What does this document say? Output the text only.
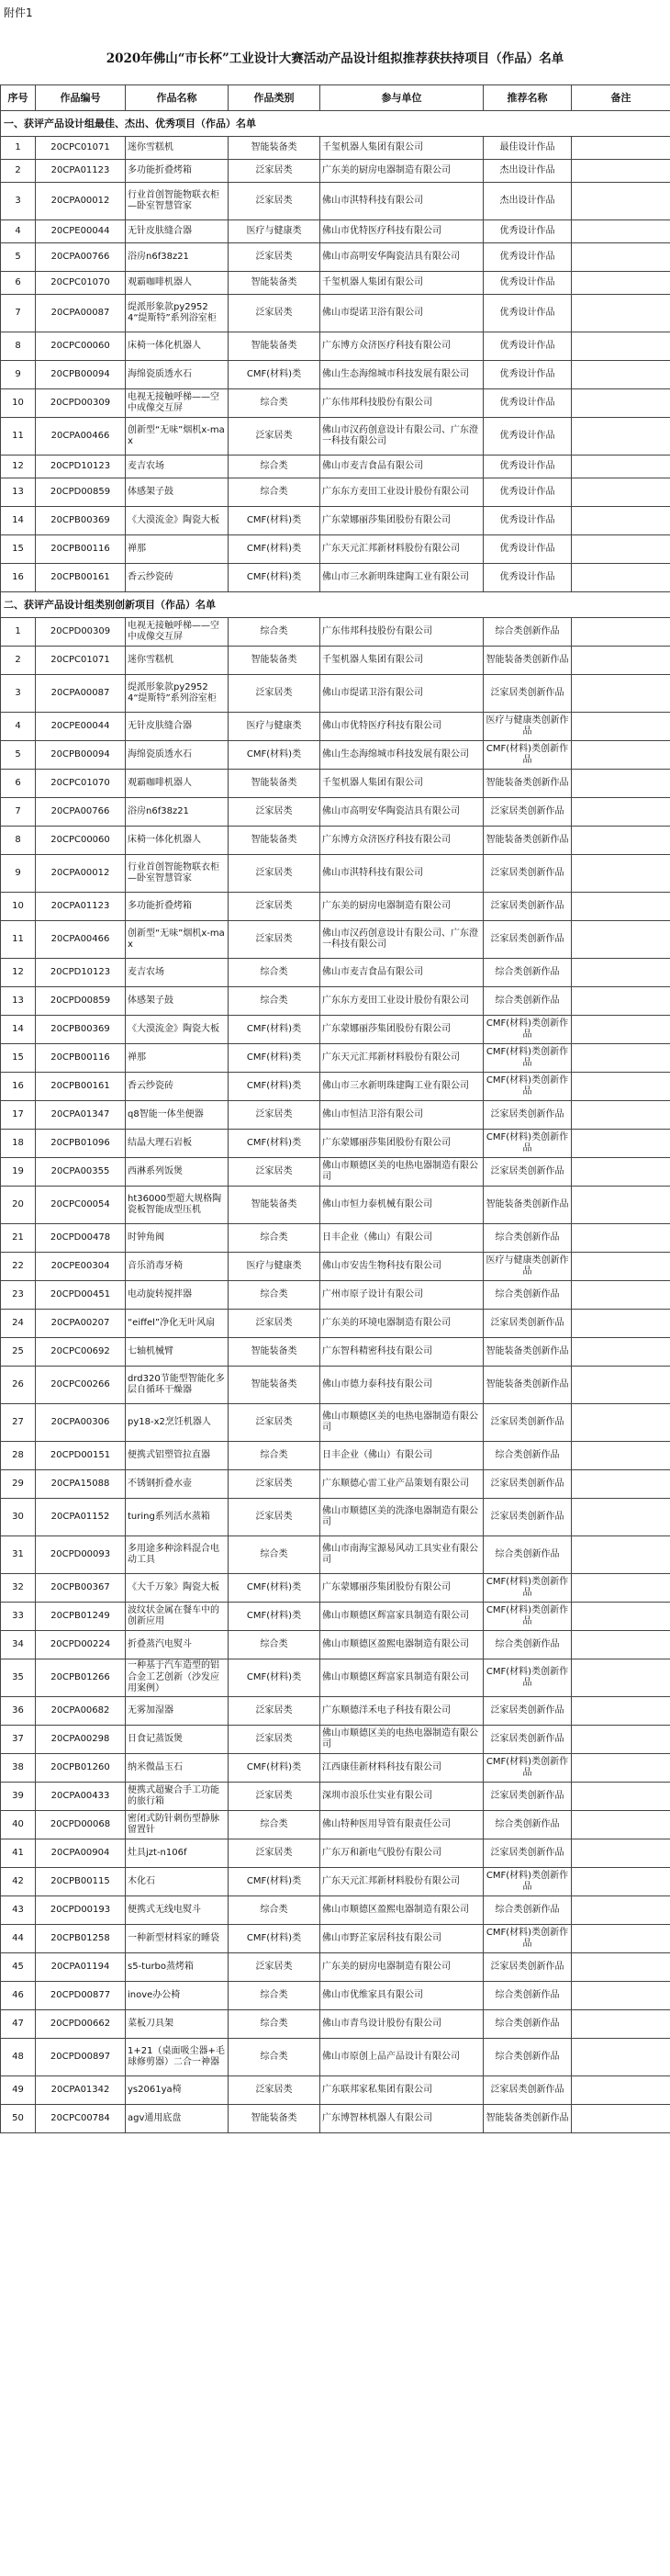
附件1
2020年佛山“市长杯”工业设计大赛活动产品设计组拟推荐获扶持项目（作品）名单
序号	作品编号	作品名称	作品类别	参与单位	推荐名称	备注
一、获评产品设计组最佳、杰出、优秀项目（作品）名单						
1	20CPC01071	迷你雪糕机	智能装备类	千玺机器人集团有限公司	最佳设计作品	
2	20CPA01123	多功能折叠烤箱	泛家居类	广东美的厨房电器制造有限公司	杰出设计作品	
3	20CPA00012	行业首创智能物联衣柜—卧室智慧管家	泛家居类	佛山市淇特科技有限公司	杰出设计作品	
4	20CPE00044	无针皮肤缝合器	医疗与健康类	佛山市优特医疗科技有限公司	优秀设计作品	
5	20CPA00766	浴房n6f38z21	泛家居类	佛山市高明安华陶瓷洁具有限公司	优秀设计作品	
6	20CPC01070	观霸咖啡机器人	智能装备类	千玺机器人集团有限公司	优秀设计作品	
7	20CPA00087	缇派形象款py29524“缇斯特”系列浴室柜	泛家居类	佛山市缇诺卫浴有限公司	优秀设计作品	
8	20CPC00060	床椅一体化机器人	智能装备类	广东博方众济医疗科技有限公司	优秀设计作品	
9	20CPB00094	海绵瓷质透水石	CMF(材料)类	佛山生态海绵城市科技发展有限公司	优秀设计作品	
10	20CPD00309	电视无接触呼梯——空中成像交互屏	综合类	广东伟邦科技股份有限公司	优秀设计作品	
11	20CPA00466	创新型“无味”烟机x-max	泛家居类	佛山市汉药创意设计有限公司、广东澄一科技有限公司	优秀设计作品	
12	20CPD10123	麦吉农场	综合类	佛山市麦吉食品有限公司	优秀设计作品	
13	20CPD00859	体感架子鼓	综合类	广东东方麦田工业设计股份有限公司	优秀设计作品	
14	20CPB00369	《大漠流金》陶瓷大板	CMF(材料)类	广东蒙娜丽莎集团股份有限公司	优秀设计作品	
15	20CPB00116	禅那	CMF(材料)类	广东天元汇邦新材料股份有限公司	优秀设计作品	
16	20CPB00161	香云纱瓷砖	CMF(材料)类	佛山市三水新明珠建陶工业有限公司	优秀设计作品	
二、获评产品设计组类别创新项目（作品）名单						
1	20CPD00309	电视无接触呼梯——空中成像交互屏	综合类	广东伟邦科技股份有限公司	综合类创新作品	
2	20CPC01071	迷你雪糕机	智能装备类	千玺机器人集团有限公司	智能装备类创新作品	
3	20CPA00087	缇派形象款py29524“缇斯特”系列浴室柜	泛家居类	佛山市缇诺卫浴有限公司	泛家居类创新作品	
4	20CPE00044	无针皮肤缝合器	医疗与健康类	佛山市优特医疗科技有限公司	医疗与健康类创新作品	
5	20CPB00094	海绵瓷质透水石	CMF(材料)类	佛山生态海绵城市科技发展有限公司	CMF(材料)类创新作品	
6	20CPC01070	观霸咖啡机器人	智能装备类	千玺机器人集团有限公司	智能装备类创新作品	
7	20CPA00766	浴房n6f38z21	泛家居类	佛山市高明安华陶瓷洁具有限公司	泛家居类创新作品	
8	20CPC00060	床椅一体化机器人	智能装备类	广东博方众济医疗科技有限公司	智能装备类创新作品	
9	20CPA00012	行业首创智能物联衣柜—卧室智慧管家	泛家居类	佛山市淇特科技有限公司	泛家居类创新作品	
10	20CPA01123	多功能折叠烤箱	泛家居类	广东美的厨房电器制造有限公司	泛家居类创新作品	
11	20CPA00466	创新型“无味”烟机x-max	泛家居类	佛山市汉药创意设计有限公司、广东澄一科技有限公司	泛家居类创新作品	
12	20CPD10123	麦吉农场	综合类	佛山市麦吉食品有限公司	综合类创新作品	
13	20CPD00859	体感架子鼓	综合类	广东东方麦田工业设计股份有限公司	综合类创新作品	
14	20CPB00369	《大漠流金》陶瓷大板	CMF(材料)类	广东蒙娜丽莎集团股份有限公司	CMF(材料)类创新作品	
15	20CPB00116	禅那	CMF(材料)类	广东天元汇邦新材料股份有限公司	CMF(材料)类创新作品	
16	20CPB00161	香云纱瓷砖	CMF(材料)类	佛山市三水新明珠建陶工业有限公司	CMF(材料)类创新作品	
17	20CPA01347	q8智能一体坐便器	泛家居类	佛山市恒洁卫浴有限公司	泛家居类创新作品	
18	20CPB01096	结晶大理石岩板	CMF(材料)类	广东蒙娜丽莎集团股份有限公司	CMF(材料)类创新作品	
19	20CPA00355	西淋系列饭煲	泛家居类	佛山市顺德区美的电热电器制造有限公司	泛家居类创新作品	
20	20CPC00054	ht36000型超大规格陶瓷板智能成型压机	智能装备类	佛山市恒力泰机械有限公司	智能装备类创新作品	
21	20CPD00478	时钟角阀	综合类	日丰企业（佛山）有限公司	综合类创新作品	
22	20CPE00304	音乐消毒牙椅	医疗与健康类	佛山市安齿生物科技有限公司	医疗与健康类创新作品	
23	20CPD00451	电动旋转搅拌器	综合类	广州市原子设计有限公司	综合类创新作品	
24	20CPA00207	“eiffel”净化无叶风扇	泛家居类	广东美的环境电器制造有限公司	泛家居类创新作品	
25	20CPC00692	七轴机械臂	智能装备类	广东智科精密科技有限公司	智能装备类创新作品	
26	20CPC00266	drd320节能型智能化多层自循环干燥器	智能装备类	佛山市德力泰科技有限公司	智能装备类创新作品	
27	20CPA00306	py18-x2烹饪机器人	泛家居类	佛山市顺德区美的电热电器制造有限公司	泛家居类创新作品	
28	20CPD00151	便携式铝塑管拉直器	综合类	日丰企业（佛山）有限公司	综合类创新作品	
29	20CPA15088	不锈钢折叠水壶	泛家居类	广东顺德心雷工业产品策划有限公司	泛家居类创新作品	
30	20CPA01152	turing系列活水蒸箱	泛家居类	佛山市顺德区美的洗涤电器制造有限公司	泛家居类创新作品	
31	20CPD00093	多用途多种涂料混合电动工具	综合类	佛山市南海宝源易风动工具实业有限公司	综合类创新作品	
32	20CPB00367	《大千万象》陶瓷大板	CMF(材料)类	广东蒙娜丽莎集团股份有限公司	CMF(材料)类创新作品	
33	20CPB01249	波纹状金属在餐车中的创新应用	CMF(材料)类	佛山市顺德区辉富家具制造有限公司	CMF(材料)类创新作品	
34	20CPD00224	折叠蒸汽电熨斗	综合类	佛山市顺德区盈熙电器制造有限公司	综合类创新作品	
35	20CPB01266	一种基于汽车造型的铝合金工艺创新（沙发应用案例）	CMF(材料)类	佛山市顺德区辉富家具制造有限公司	CMF(材料)类创新作品	
36	20CPA00682	无雾加湿器	泛家居类	广东顺德洋禾电子科技有限公司	泛家居类创新作品	
37	20CPA00298	日食记蒸饭煲	泛家居类	佛山市顺德区美的电热电器制造有限公司	泛家居类创新作品	
38	20CPB01260	纳米微晶玉石	CMF(材料)类	江西康佳新材料科技有限公司	CMF(材料)类创新作品	
39	20CPA00433	便携式超聚合手工功能的旅行箱	泛家居类	深圳市浪乐仕实业有限公司	泛家居类创新作品	
40	20CPD00068	密闭式防针刺伤型静脉留置针	综合类	佛山特种医用导管有限责任公司	综合类创新作品	
41	20CPA00904	灶具jzt-n106f	泛家居类	广东万和新电气股份有限公司	泛家居类创新作品	
42	20CPB00115	木化石	CMF(材料)类	广东天元汇邦新材料股份有限公司	CMF(材料)类创新作品	
43	20CPD00193	便携式无线电熨斗	综合类	佛山市顺德区盈熙电器制造有限公司	综合类创新作品	
44	20CPB01258	一种新型材料家的睡袋	CMF(材料)类	佛山市野芷家居科技有限公司	CMF(材料)类创新作品	
45	20CPA01194	s5-turbo蒸烤箱	泛家居类	广东美的厨房电器制造有限公司	泛家居类创新作品	
46	20CPD00877	inove办公椅	综合类	佛山市优维家具有限公司	综合类创新作品	
47	20CPD00662	菜板刀具架	综合类	佛山市青鸟设计股份有限公司	综合类创新作品	
48	20CPD00897	1+21（桌面吸尘器+毛球修剪器）二合一神器	综合类	佛山市原创上品产品设计有限公司	综合类创新作品	
49	20CPA01342	ys2061ya椅	泛家居类	广东联邦家私集团有限公司	泛家居类创新作品	
50	20CPC00784	agv通用底盘	智能装备类	广东博智林机器人有限公司	智能装备类创新作品	
